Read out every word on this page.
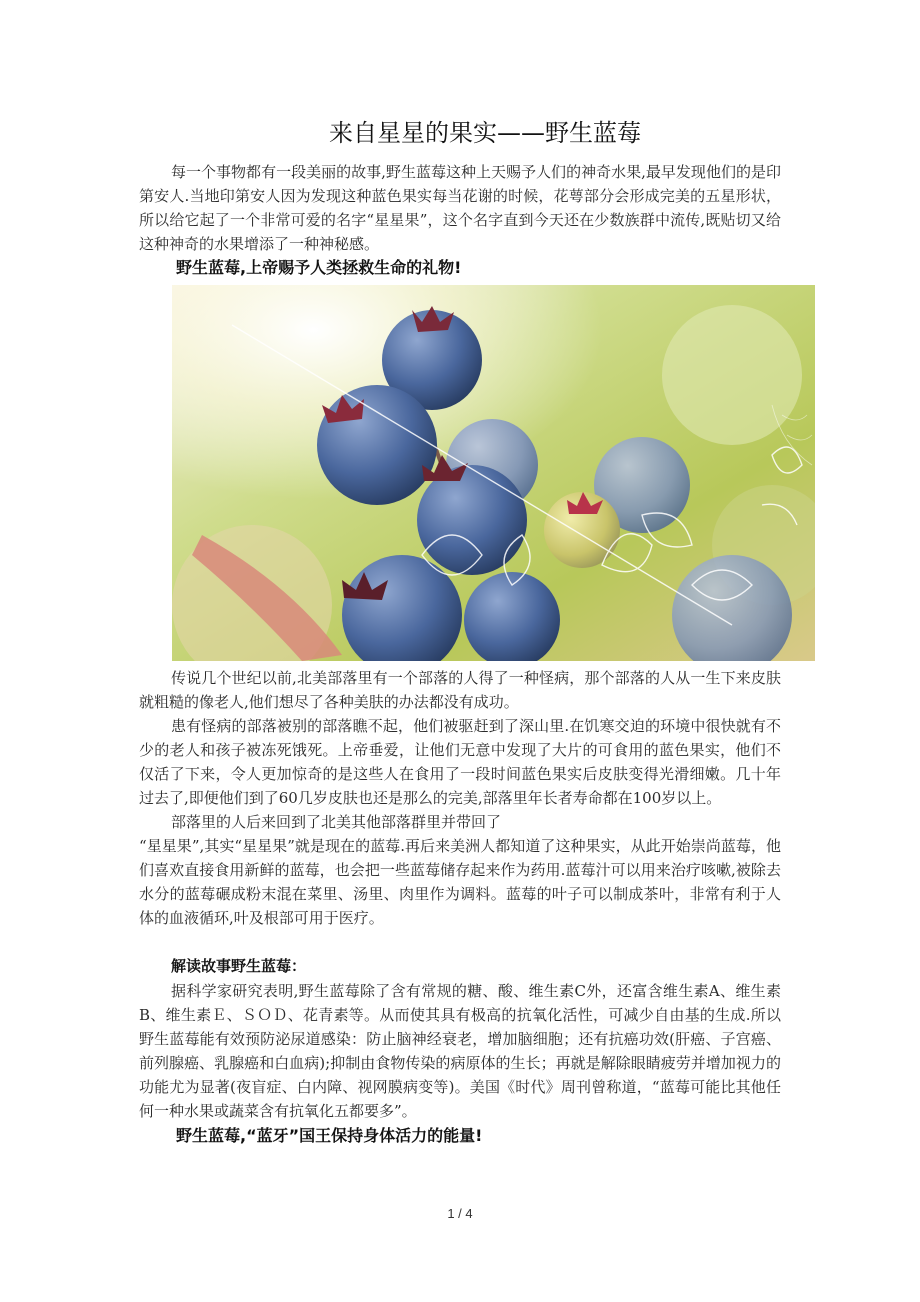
来自星星的果实——野生蓝莓

每一个事物都有一段美丽的故事,野生蓝莓这种上天赐予人们的神奇水果,最早发现他们的是印第安人.当地印第安人因为发现这种蓝色果实每当花谢的时候，花萼部分会形成完美的五星形状，所以给它起了一个非常可爱的名字“星星果”，这个名字直到今天还在少数族群中流传,既贴切又给这种神奇的水果增添了一种神秘感。

野生蓝莓,上帝赐予人类拯救生命的礼物!

传说几个世纪以前,北美部落里有一个部落的人得了一种怪病，那个部落的人从一生下来皮肤就粗糙的像老人,他们想尽了各种美肤的办法都没有成功。

患有怪病的部落被别的部落瞧不起，他们被驱赶到了深山里.在饥寒交迫的环境中很快就有不少的老人和孩子被冻死饿死。上帝垂爱，让他们无意中发现了大片的可食用的蓝色果实，他们不仅活了下来，令人更加惊奇的是这些人在食用了一段时间蓝色果实后皮肤变得光滑细嫩。几十年过去了,即便他们到了60几岁皮肤也还是那么的完美,部落里年长者寿命都在100岁以上。

部落里的人后来回到了北美其他部落群里并带回了

“星星果”,其实“星星果”就是现在的蓝莓.再后来美洲人都知道了这种果实，从此开始崇尚蓝莓，他们喜欢直接食用新鲜的蓝莓，也会把一些蓝莓储存起来作为药用.蓝莓汁可以用来治疗咳嗽,被除去水分的蓝莓碾成粉末混在菜里、汤里、肉里作为调料。蓝莓的叶子可以制成茶叶，非常有利于人体的血液循环,叶及根部可用于医疗。

解读故事野生蓝莓：

据科学家研究表明,野生蓝莓除了含有常规的糖、酸、维生素C外，还富含维生素A、维生素B、维生素Ｅ、ＳＯＤ、花青素等。从而使其具有极高的抗氧化活性，可减少自由基的生成.所以野生蓝莓能有效预防泌尿道感染：防止脑神经衰老，增加脑细胞；还有抗癌功效(肝癌、子宫癌、前列腺癌、乳腺癌和白血病);抑制由食物传染的病原体的生长；再就是解除眼睛疲劳并增加视力的功能尤为显著(夜盲症、白内障、视网膜病变等)。美国《时代》周刊曾称道，“蓝莓可能比其他任何一种水果或蔬菜含有抗氧化五都要多”。

野生蓝莓,“蓝牙”国王保持身体活力的能量!
1 / 4
